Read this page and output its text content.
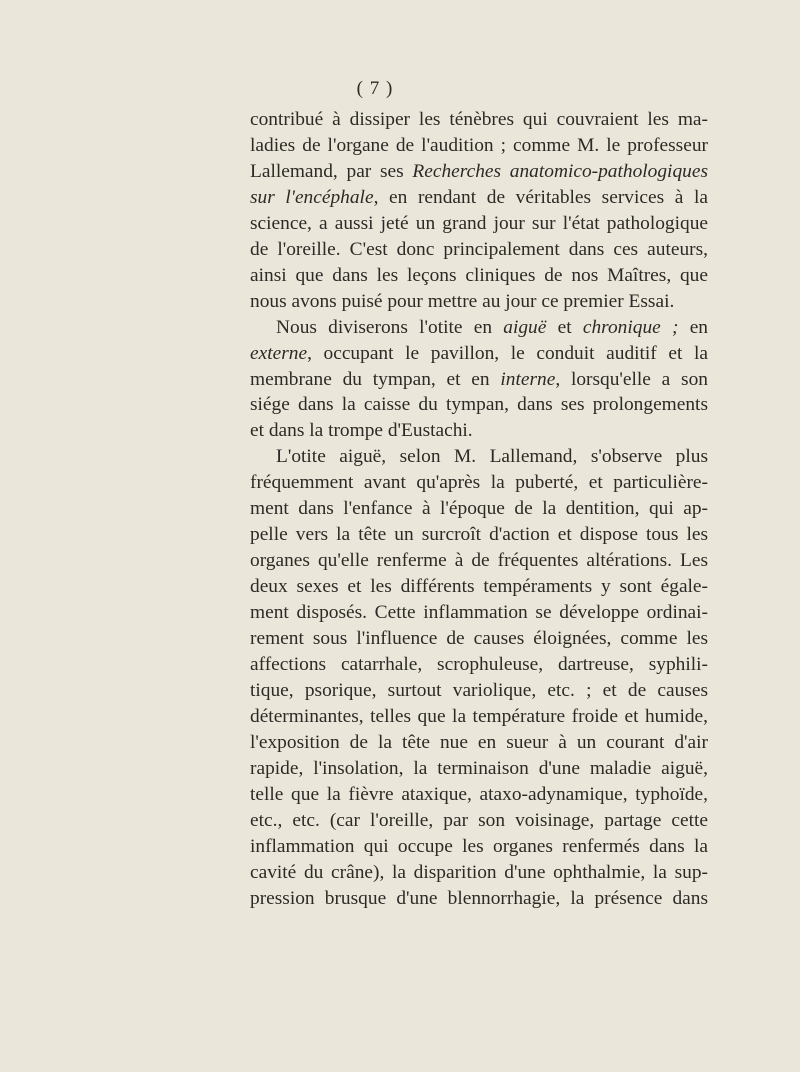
( 7 )
contribué à dissiper les ténèbres qui couvraient les ma-
ladies de l'organe de l'audition ; comme M. le professeur
Lallemand, par ses Recherches anatomico-pathologiques
sur l'encéphale, en rendant de véritables services à la
science, a aussi jeté un grand jour sur l'état pathologique
de l'oreille. C'est donc principalement dans ces auteurs,
ainsi que dans les leçons cliniques de nos Maîtres, que
nous avons puisé pour mettre au jour ce premier Essai.
Nous diviserons l'otite en aiguë et chronique ; en
externe, occupant le pavillon, le conduit auditif et la
membrane du tympan, et en interne, lorsqu'elle a son
siége dans la caisse du tympan, dans ses prolongements
et dans la trompe d'Eustachi.
L'otite aiguë, selon M. Lallemand, s'observe plus
fréquemment avant qu'après la puberté, et particulière-
ment dans l'enfance à l'époque de la dentition, qui ap-
pelle vers la tête un surcroît d'action et dispose tous les
organes qu'elle renferme à de fréquentes altérations. Les
deux sexes et les différents tempéraments y sont égale-
ment disposés. Cette inflammation se développe ordinai-
rement sous l'influence de causes éloignées, comme les
affections catarrhale, scrophuleuse, dartreuse, syphili-
tique, psorique, surtout variolique, etc. ; et de causes
déterminantes, telles que la température froide et humide,
l'exposition de la tête nue en sueur à un courant d'air
rapide, l'insolation, la terminaison d'une maladie aiguë,
telle que la fièvre ataxique, ataxo-adynamique, typhoïde,
etc., etc. (car l'oreille, par son voisinage, partage cette
inflammation qui occupe les organes renfermés dans la
cavité du crâne), la disparition d'une ophthalmie, la sup-
pression brusque d'une blennorrhagie, la présence dans
